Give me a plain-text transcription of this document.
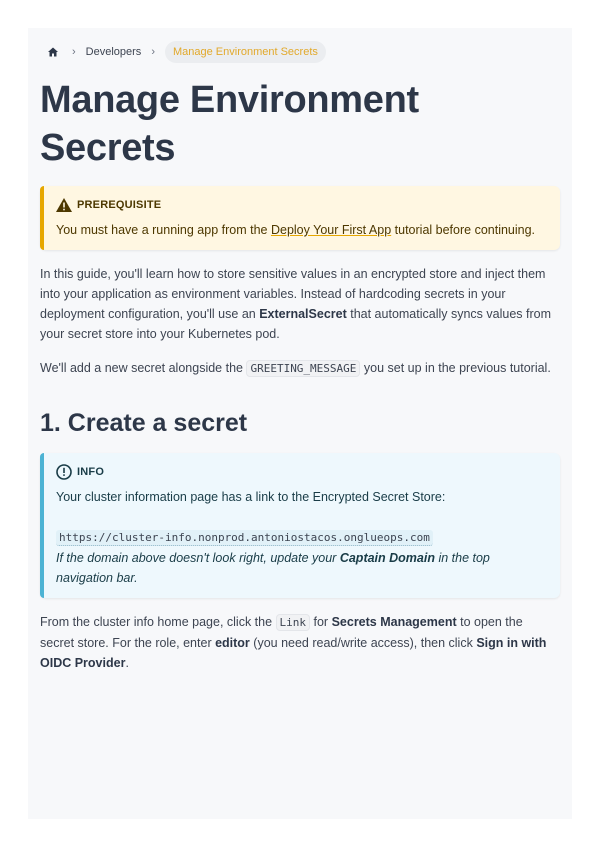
› Developers ›	Manage Environment Secrets
Manage Environment Secrets
PREREQUISITE
You must have a running app from the Deploy Your First App tutorial before continuing.

In this guide, you'll learn how to store sensitive values in an encrypted store and inject them into your application as environment variables. Instead of hardcoding secrets in your deployment configuration, you'll use an ExternalSecret that automatically syncs values from your secret store into your Kubernetes pod.

We'll add a new secret alongside the GREETING_MESSAGE you set up in the previous tutorial.

1. Create a secret
INFO
Your cluster information page has a link to the Encrypted Secret Store:
https://cluster-info.nonprod.antoniostacos.onglueops.com
If the domain above doesn't look right, update your Captain Domain in the top navigation bar.

From the cluster info home page, click the Link for Secrets Management to open the secret store. For the role, enter editor (you need read/write access), then click Sign in with OIDC Provider.
